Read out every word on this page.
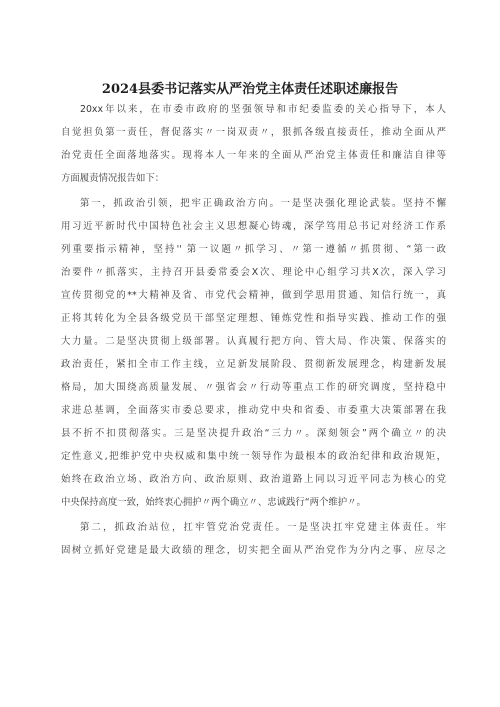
2024县委书记落实从严治党主体责任述职述廉报告
20xx年以来，在市委市政府的坚强领导和市纪委监委的关心指导下，本人
自觉担负第一责任，督促落实〃一岗双责〃，狠抓各级直接责任，推动全面从严
治党责任全面落地落实。现将本人一年来的全面从严治党主体责任和廉洁自律等
方面履责情况报告如下：
第一，抓政治引领，把牢正确政治方向。一是坚决强化理论武装。坚持不懈
用习近平新时代中国特色社会主义思想凝心铸魂，深学笃用总书记对经济工作系
列重要指示精神，坚持'' 第一议题〃抓学习、〃第一遵循〃抓贯彻、“第一政
治要件〃抓落实，主持召开县委常委会X次、理论中心组学习共X次，深入学习
宣传贯彻党的**大精神及省、市党代会精神，做到学思用贯通、知信行统一，真
正将其转化为全县各级党员干部坚定理想、锤炼党性和指导实践、推动工作的强
大力量。二是坚决贯彻上级部署。认真履行把方向、管大局、作决策、保落实的
政治责任，紧扣全市工作主线，立足新发展阶段、贯彻新发展理念，构建新发展
格局，加大围绕高质量发展、〃强省会〃行动等重点工作的研究调度，坚持稳中
求进总基调，全面落实市委总要求，推动党中央和省委、市委重大决策部署在我
县不折不扣贯彻落实。三是坚决提升政治“三力〃。深刻领会”两个确立〃的决
定性意义,把维护党中央权威和集中统一领导作为最根本的政治纪律和政治规矩，
始终在政治立场、政治方向、政治原则、政治道路上同以习近平同志为核心的党
中央保持高度一致，始终衷心拥护〃两个确立〃、忠诚践行“两个维护〃。
第二，抓政治站位，扛牢管党治党责任。一是坚决扛牢党建主体责任。牢
固树立抓好党建是最大政绩的理念，切实把全面从严治党作为分内之事、应尽之
